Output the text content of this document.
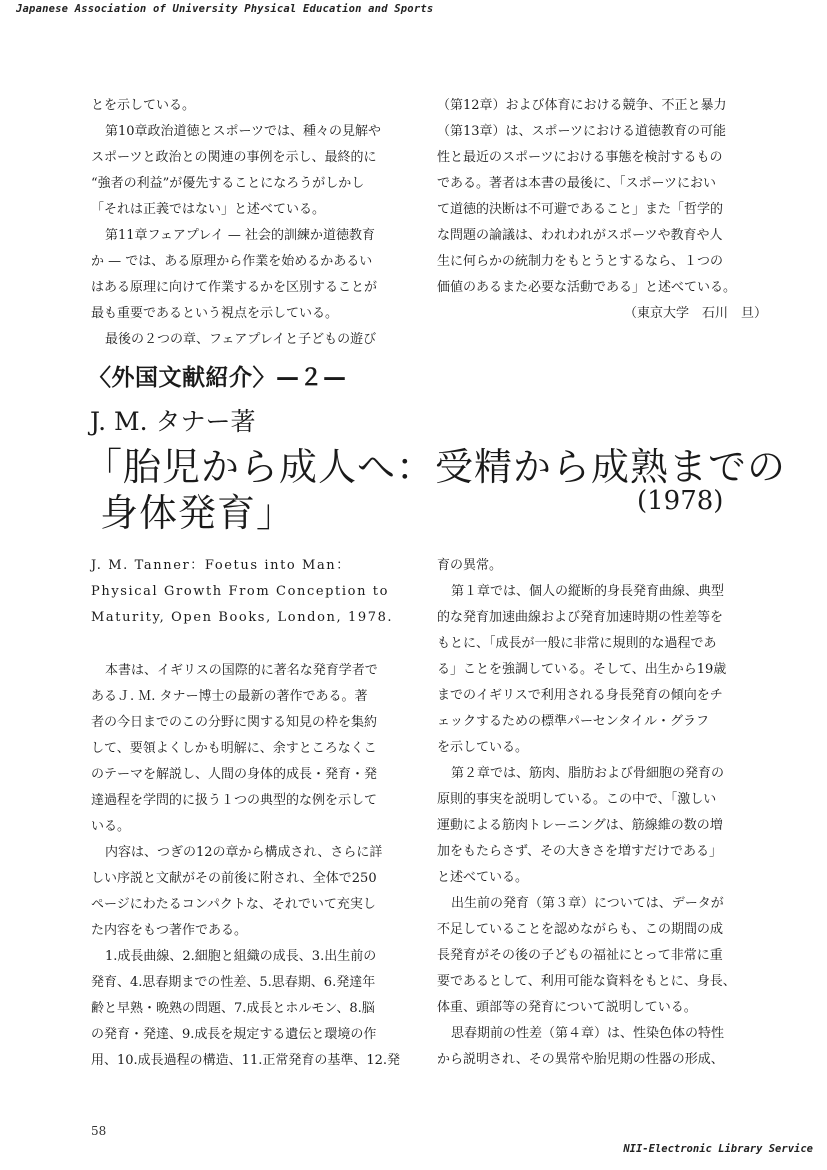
Japanese Association of University Physical Education and Sports

とを示している。

第10章政治道徳とスポーツでは、種々の見解や

スポーツと政治との関連の事例を示し、最終的に

“強者の利益”が優先することになろうがしかし

「それは正義ではない」と述べている。

第11章フェアプレイ — 社会的訓練か道徳教育

か — では、ある原理から作業を始めるかあるい

はある原理に向けて作業するかを区別することが

最も重要であるという視点を示している。

最後の２つの章、フェアプレイと子どもの遊び

（第12章）および体育における競争、不正と暴力

（第13章）は、スポーツにおける道徳教育の可能

性と最近のスポーツにおける事態を検討するもの

である。著者は本書の最後に、「スポーツにおい

て道徳的決断は不可避であること」また「哲学的

な問題の論議は、われわれがスポーツや教育や人

生に何らかの統制力をもとうとするなら、１つの

価値のあるまた必要な活動である」と述べている。

（東京大学　石川　旦）

〈外国文献紹介〉—２—
J. M. タナー著
「胎児から成人へ：受精から成熟までの
身体発育」	(1978)

J. M. Tanner：Foetus into Man：

Physical Growth From Conception to

Maturity, Open Books, London, 1978.

本書は、イギリスの国際的に著名な発育学者で

あるＪ. Ｍ. タナー博士の最新の著作である。著

者の今日までのこの分野に関する知見の枠を集約

して、要領よくしかも明解に、余すところなくこ

のテーマを解説し、人間の身体的成長・発育・発

達過程を学問的に扱う１つの典型的な例を示して

いる。

内容は、つぎの12の章から構成され、さらに詳

しい序説と文献がその前後に附され、全体で250

ページにわたるコンパクトな、それでいて充実し

た内容をもつ著作である。

1.成長曲線、2.細胞と組織の成長、3.出生前の

発育、4.思春期までの性差、5.思春期、6.発達年

齢と早熟・晩熟の問題、7.成長とホルモン、8.脳

の発育・発達、9.成長を規定する遺伝と環境の作

用、10.成長過程の構造、11.正常発育の基準、12.発

育の異常。

第１章では、個人の縦断的身長発育曲線、典型

的な発育加速曲線および発育加速時期の性差等を

もとに、「成長が一般に非常に規則的な過程であ

る」ことを強調している。そして、出生から19歳

までのイギリスで利用される身長発育の傾向をチ

ェックするための標準パーセンタイル・グラフ

を示している。

第２章では、筋肉、脂肪および骨細胞の発育の

原則的事実を説明している。この中で、「激しい

運動による筋肉トレーニングは、筋線維の数の増

加をもたらさず、その大きさを増すだけである」

と述べている。

出生前の発育（第３章）については、データが

不足していることを認めながらも、この期間の成

長発育がその後の子どもの福祉にとって非常に重

要であるとして、利用可能な資料をもとに、身長、

体重、頭部等の発育について説明している。

思春期前の性差（第４章）は、性染色体の特性

から説明され、その異常や胎児期の性器の形成、

58
NII-Electronic Library Service
